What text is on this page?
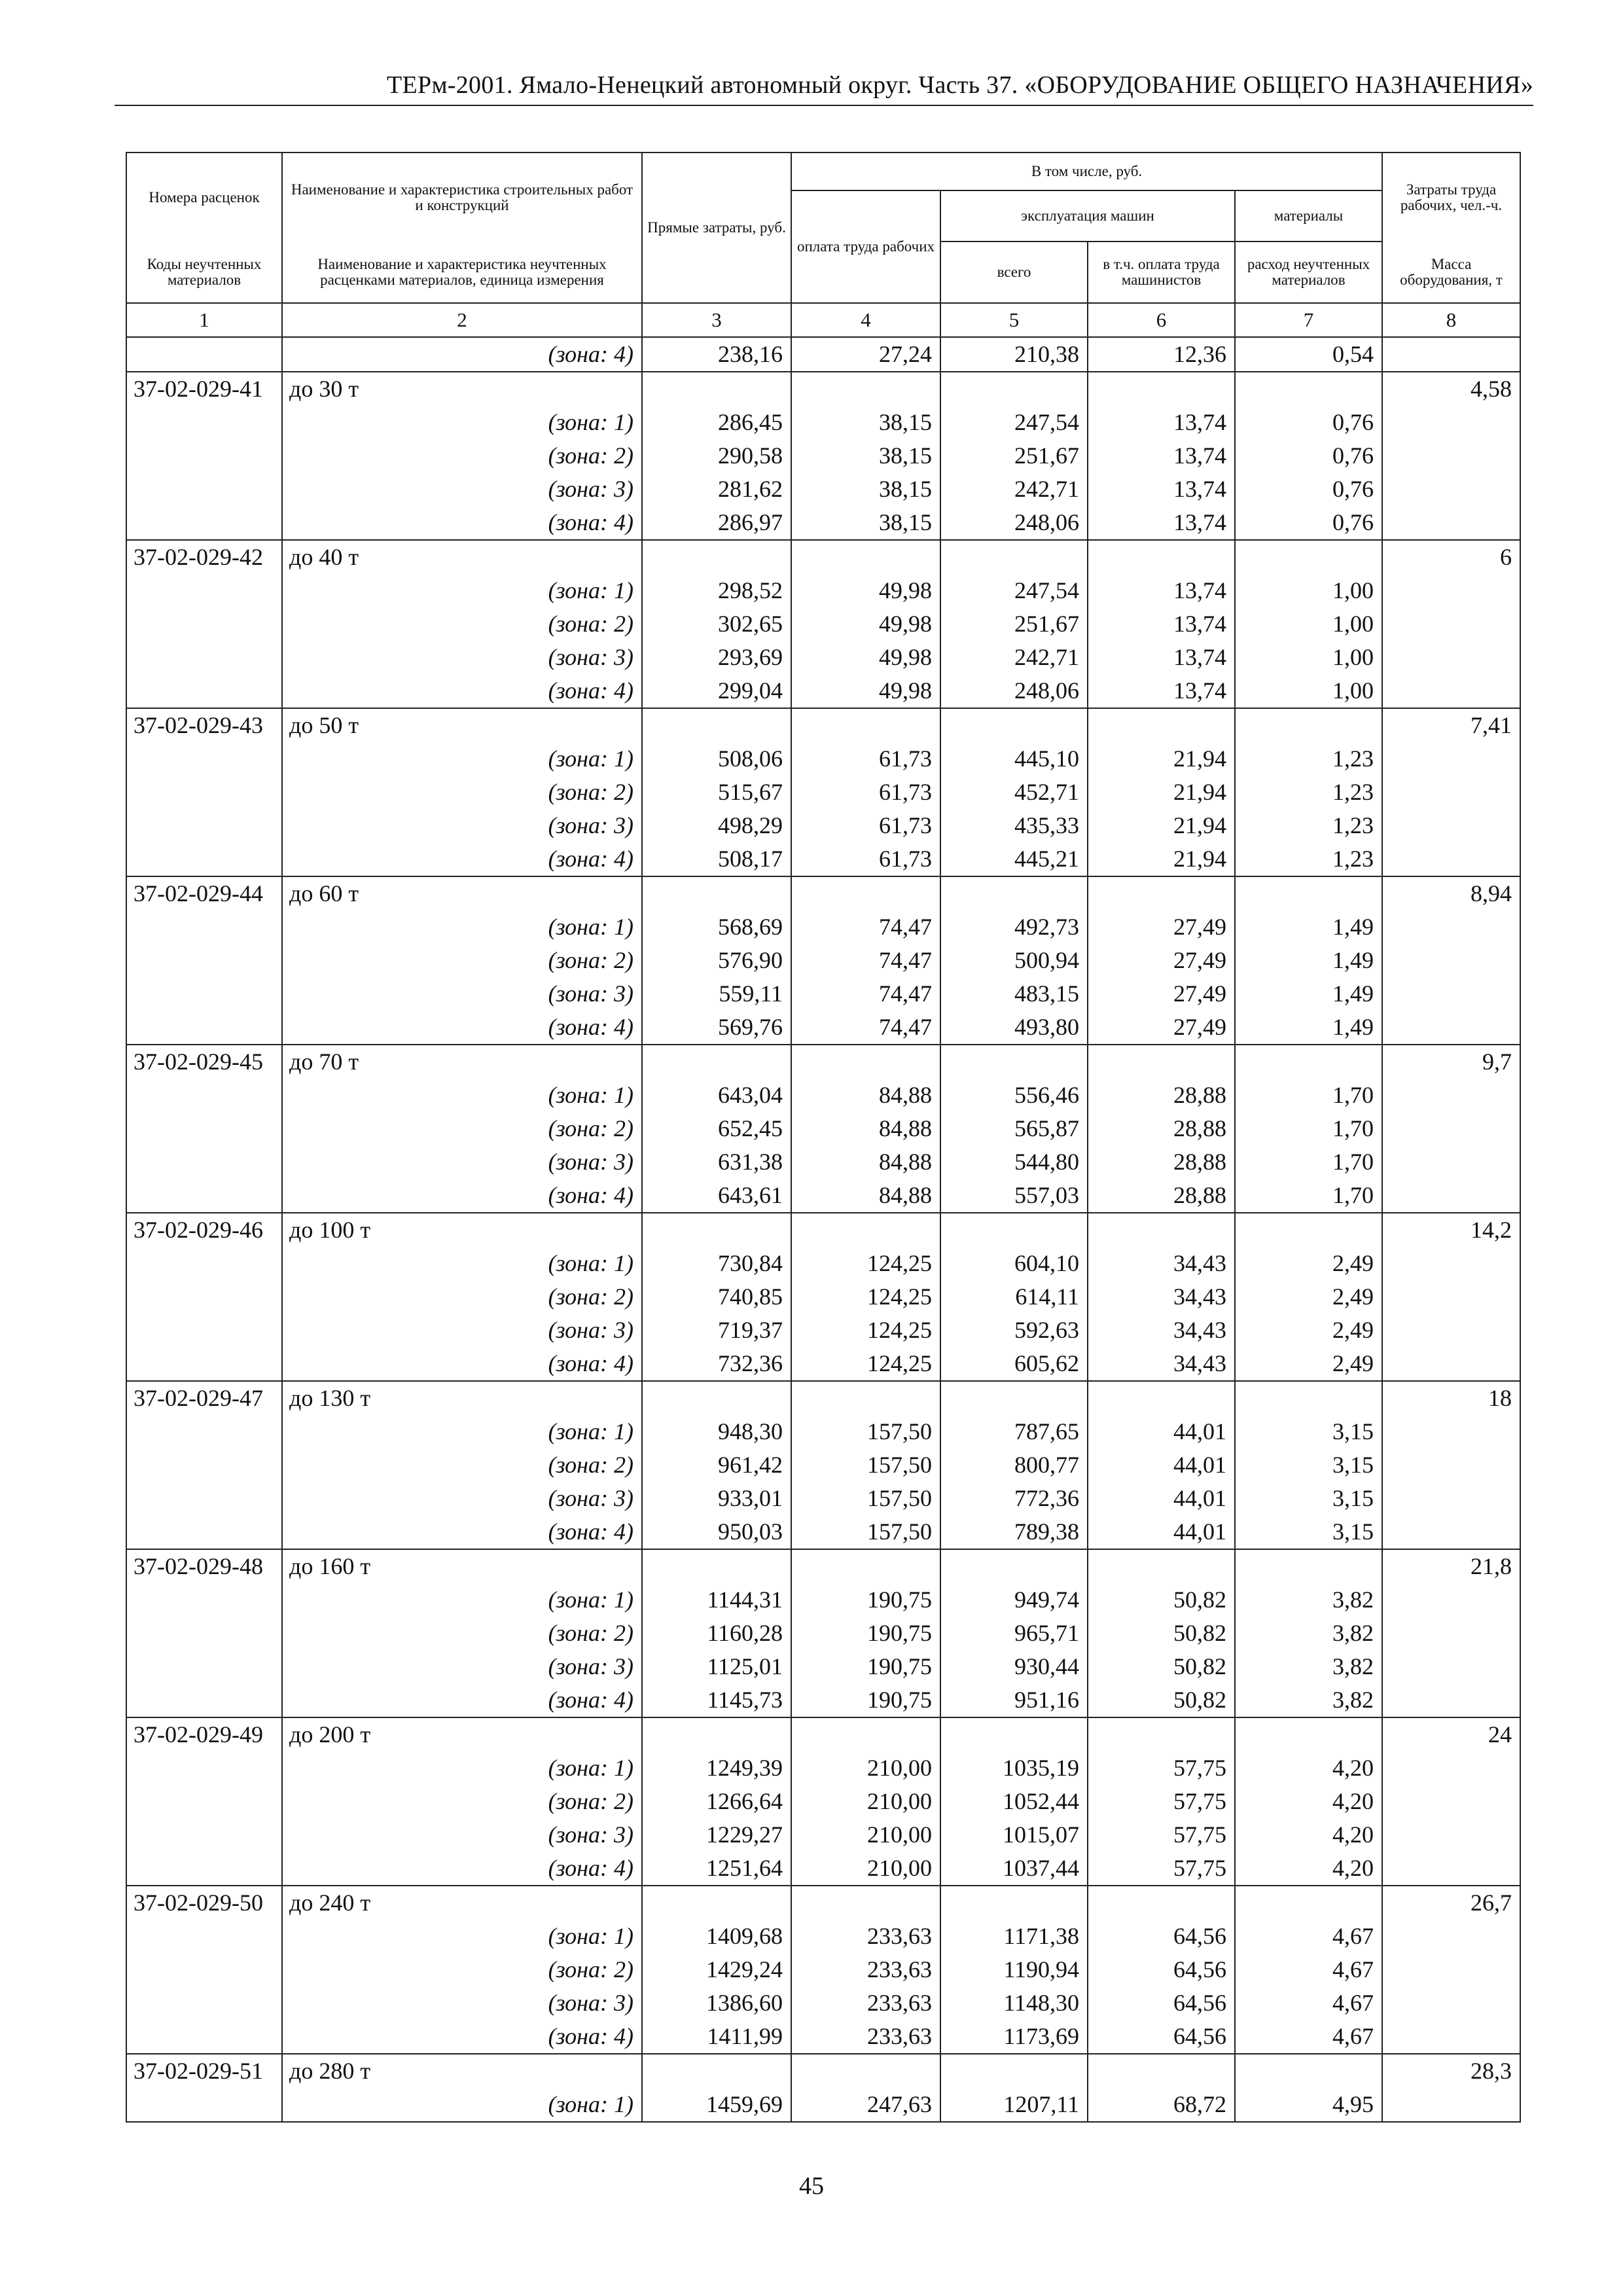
ТЕРм-2001. Ямало-Ненецкий автономный округ. Часть 37. «ОБОРУДОВАНИЕ ОБЩЕГО НАЗНАЧЕНИЯ»
Номера расценок	Наименование и характеристика строительных работ и конструкций	Прямые затраты, руб.	В том числе, руб.				Затраты труда рабочих, чел.-ч.
			оплата труда рабочих	эксплуатация машин		материалы	
Коды неучтенных материалов	Наименование и характеристика неучтенных расценками материалов, единица измерения			всего	в т.ч. оплата труда машинистов	расход неучтенных материалов	Масса оборудования, т
1	2	3	4	5	6	7	8
	(зона: 4)	238,16	27,24	210,38	12,36	0,54	
37-02-029-41	до 30 т						4,58
	(зона: 1)	286,45	38,15	247,54	13,74	0,76	
	(зона: 2)	290,58	38,15	251,67	13,74	0,76	
	(зона: 3)	281,62	38,15	242,71	13,74	0,76	
	(зона: 4)	286,97	38,15	248,06	13,74	0,76	
37-02-029-42	до 40 т						6
	(зона: 1)	298,52	49,98	247,54	13,74	1,00	
	(зона: 2)	302,65	49,98	251,67	13,74	1,00	
	(зона: 3)	293,69	49,98	242,71	13,74	1,00	
	(зона: 4)	299,04	49,98	248,06	13,74	1,00	
37-02-029-43	до 50 т						7,41
	(зона: 1)	508,06	61,73	445,10	21,94	1,23	
	(зона: 2)	515,67	61,73	452,71	21,94	1,23	
	(зона: 3)	498,29	61,73	435,33	21,94	1,23	
	(зона: 4)	508,17	61,73	445,21	21,94	1,23	
37-02-029-44	до 60 т						8,94
	(зона: 1)	568,69	74,47	492,73	27,49	1,49	
	(зона: 2)	576,90	74,47	500,94	27,49	1,49	
	(зона: 3)	559,11	74,47	483,15	27,49	1,49	
	(зона: 4)	569,76	74,47	493,80	27,49	1,49	
37-02-029-45	до 70 т						9,7
	(зона: 1)	643,04	84,88	556,46	28,88	1,70	
	(зона: 2)	652,45	84,88	565,87	28,88	1,70	
	(зона: 3)	631,38	84,88	544,80	28,88	1,70	
	(зона: 4)	643,61	84,88	557,03	28,88	1,70	
37-02-029-46	до 100 т						14,2
	(зона: 1)	730,84	124,25	604,10	34,43	2,49	
	(зона: 2)	740,85	124,25	614,11	34,43	2,49	
	(зона: 3)	719,37	124,25	592,63	34,43	2,49	
	(зона: 4)	732,36	124,25	605,62	34,43	2,49	
37-02-029-47	до 130 т						18
	(зона: 1)	948,30	157,50	787,65	44,01	3,15	
	(зона: 2)	961,42	157,50	800,77	44,01	3,15	
	(зона: 3)	933,01	157,50	772,36	44,01	3,15	
	(зона: 4)	950,03	157,50	789,38	44,01	3,15	
37-02-029-48	до 160 т						21,8
	(зона: 1)	1144,31	190,75	949,74	50,82	3,82	
	(зона: 2)	1160,28	190,75	965,71	50,82	3,82	
	(зона: 3)	1125,01	190,75	930,44	50,82	3,82	
	(зона: 4)	1145,73	190,75	951,16	50,82	3,82	
37-02-029-49	до 200 т						24
	(зона: 1)	1249,39	210,00	1035,19	57,75	4,20	
	(зона: 2)	1266,64	210,00	1052,44	57,75	4,20	
	(зона: 3)	1229,27	210,00	1015,07	57,75	4,20	
	(зона: 4)	1251,64	210,00	1037,44	57,75	4,20	
37-02-029-50	до 240 т						26,7
	(зона: 1)	1409,68	233,63	1171,38	64,56	4,67	
	(зона: 2)	1429,24	233,63	1190,94	64,56	4,67	
	(зона: 3)	1386,60	233,63	1148,30	64,56	4,67	
	(зона: 4)	1411,99	233,63	1173,69	64,56	4,67	
37-02-029-51	до 280 т						28,3
	(зона: 1)	1459,69	247,63	1207,11	68,72	4,95	
45
